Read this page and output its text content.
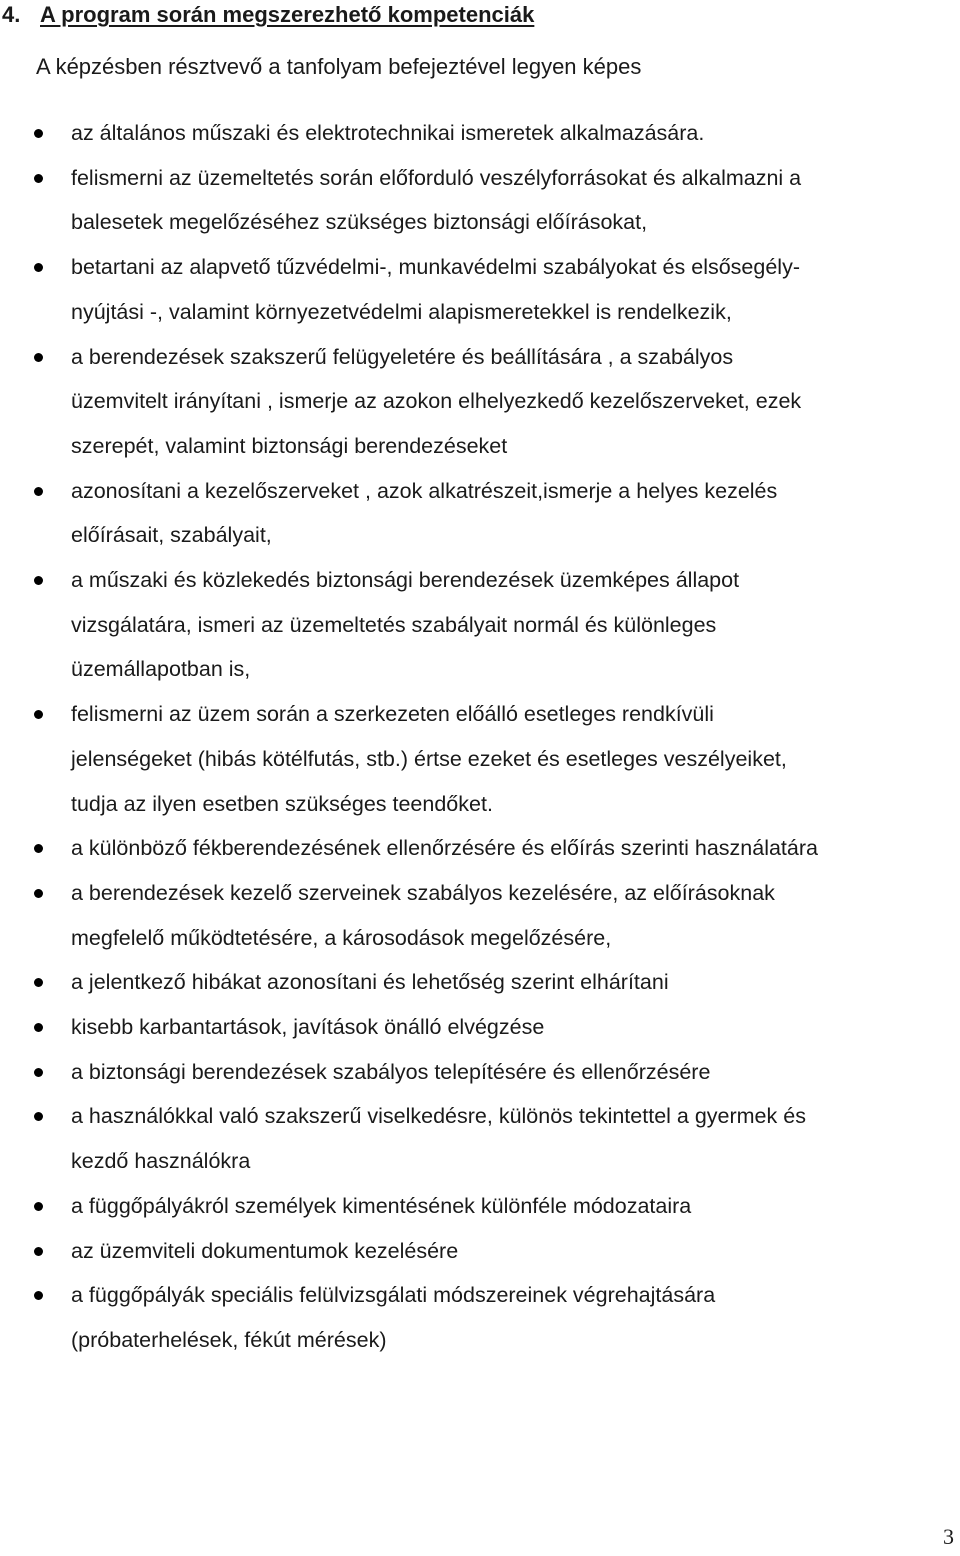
4. A program során megszerezhető kompetenciák
A képzésben résztvevő a tanfolyam befejeztével legyen képes
az általános műszaki és elektrotechnikai ismeretek alkalmazására.
felismerni az üzemeltetés során előforduló veszélyforrásokat és alkalmazni a
balesetek megelőzéséhez szükséges biztonsági előírásokat,
betartani az alapvető tűzvédelmi-, munkavédelmi szabályokat és elsősegély-
nyújtási -, valamint környezetvédelmi alapismeretekkel is rendelkezik,
a berendezések szakszerű felügyeletére és beállítására , a szabályos
üzemvitelt irányítani , ismerje az azokon elhelyezkedő kezelőszerveket, ezek
szerepét, valamint biztonsági berendezéseket
azonosítani a kezelőszerveket , azok alkatrészeit,ismerje a helyes kezelés
előírásait, szabályait,
a műszaki és közlekedés biztonsági berendezések üzemképes állapot
vizsgálatára, ismeri az üzemeltetés szabályait normál és különleges
üzemállapotban is,
felismerni az üzem során a szerkezeten előálló esetleges rendkívüli
jelenségeket (hibás kötélfutás, stb.) értse ezeket és esetleges veszélyeiket,
tudja az ilyen esetben szükséges teendőket.
a különböző fékberendezésének ellenőrzésére és előírás szerinti használatára
a berendezések kezelő szerveinek szabályos kezelésére, az előírásoknak
megfelelő működtetésére, a károsodások megelőzésére,
a jelentkező hibákat azonosítani és lehetőség szerint elhárítani
kisebb karbantartások, javítások önálló elvégzése
a biztonsági berendezések szabályos telepítésére és ellenőrzésére
a használókkal való szakszerű viselkedésre, különös tekintettel a gyermek és
kezdő használókra
a függőpályákról személyek kimentésének különféle módozataira
az üzemviteli dokumentumok kezelésére
a függőpályák speciális felülvizsgálati módszereinek végrehajtására
(próbaterhelések, fékút mérések)
3
